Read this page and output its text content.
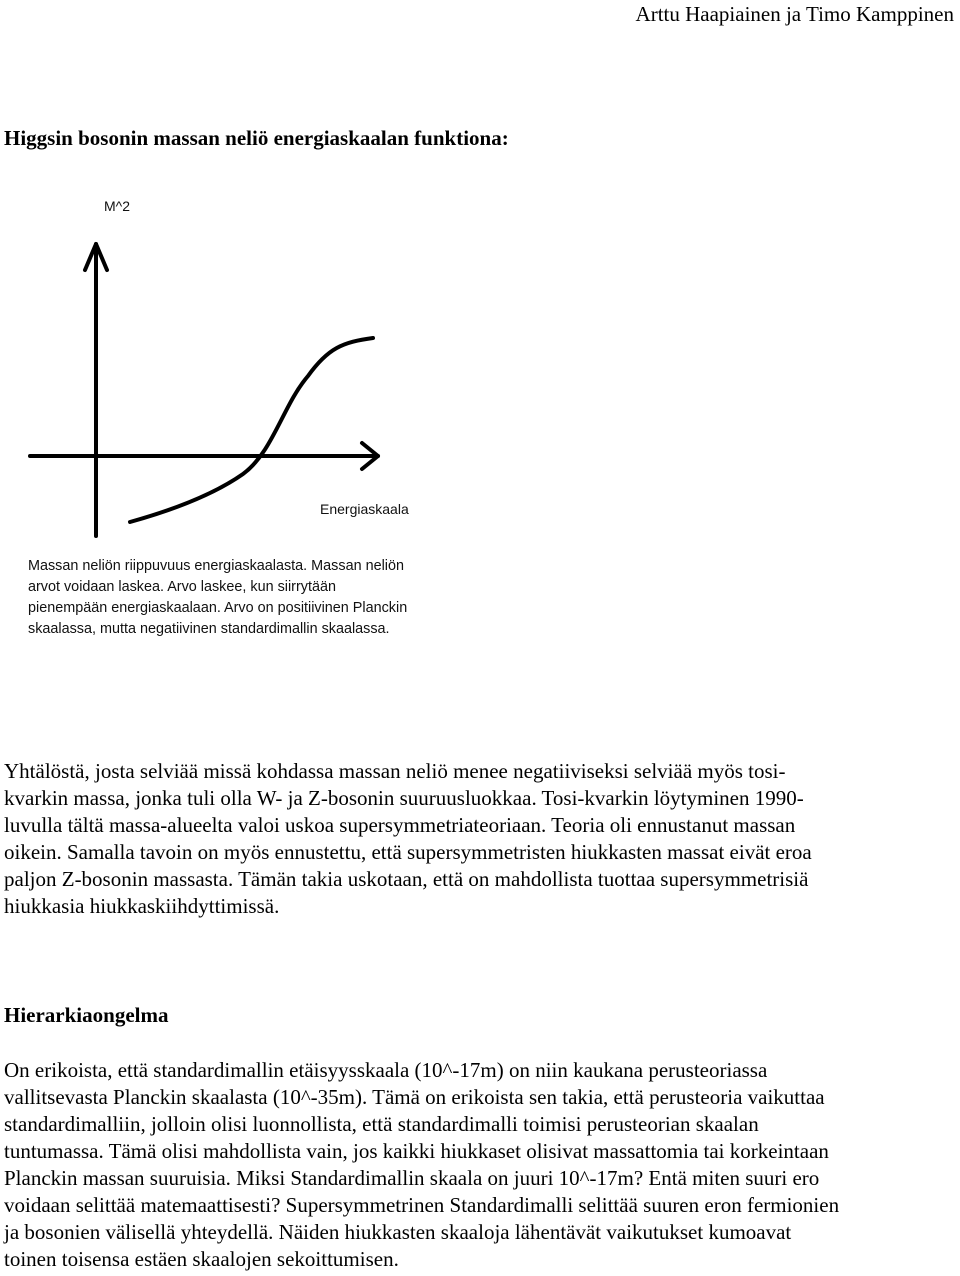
Arttu Haapiainen ja Timo Kamppinen
Higgsin bosonin massan neliö energiaskaalan funktiona:
M^2
Energiaskaala
Massan neliön riippuvuus energiaskaalasta. Massan neliön
arvot voidaan laskea. Arvo laskee, kun siirrytään
pienempään energiaskaalaan. Arvo on positiivinen Planckin
skaalassa, mutta negatiivinen standardimallin skaalassa.

Yhtälöstä, josta selviää missä kohdassa massan neliö menee negatiiviseksi selviää myös tosi-
kvarkin massa, jonka tuli olla W- ja Z-bosonin suuruusluokkaa. Tosi-kvarkin löytyminen 1990-
luvulla tältä massa-alueelta valoi uskoa supersymmetriateoriaan. Teoria oli ennustanut massan
oikein. Samalla tavoin on myös ennustettu, että supersymmetristen hiukkasten massat eivät eroa
paljon Z-bosonin massasta. Tämän takia uskotaan, että on mahdollista tuottaa supersymmetrisiä
hiukkasia hiukkaskiihdyttimissä.

Hierarkiaongelma

On erikoista, että standardimallin etäisyysskaala (10^-17m) on niin kaukana perusteoriassa
vallitsevasta Planckin skaalasta (10^-35m). Tämä on erikoista sen takia, että perusteoria vaikuttaa
standardimalliin, jolloin olisi luonnollista, että standardimalli toimisi perusteorian skaalan
tuntumassa. Tämä olisi mahdollista vain, jos kaikki hiukkaset olisivat massattomia tai korkeintaan
Planckin massan suuruisia. Miksi Standardimallin skaala on juuri 10^-17m? Entä miten suuri ero
voidaan selittää matemaattisesti? Supersymmetrinen Standardimalli selittää suuren eron fermionien
ja bosonien välisellä yhteydellä. Näiden hiukkasten skaaloja lähentävät vaikutukset kumoavat
toinen toisensa estäen skaalojen sekoittumisen.
